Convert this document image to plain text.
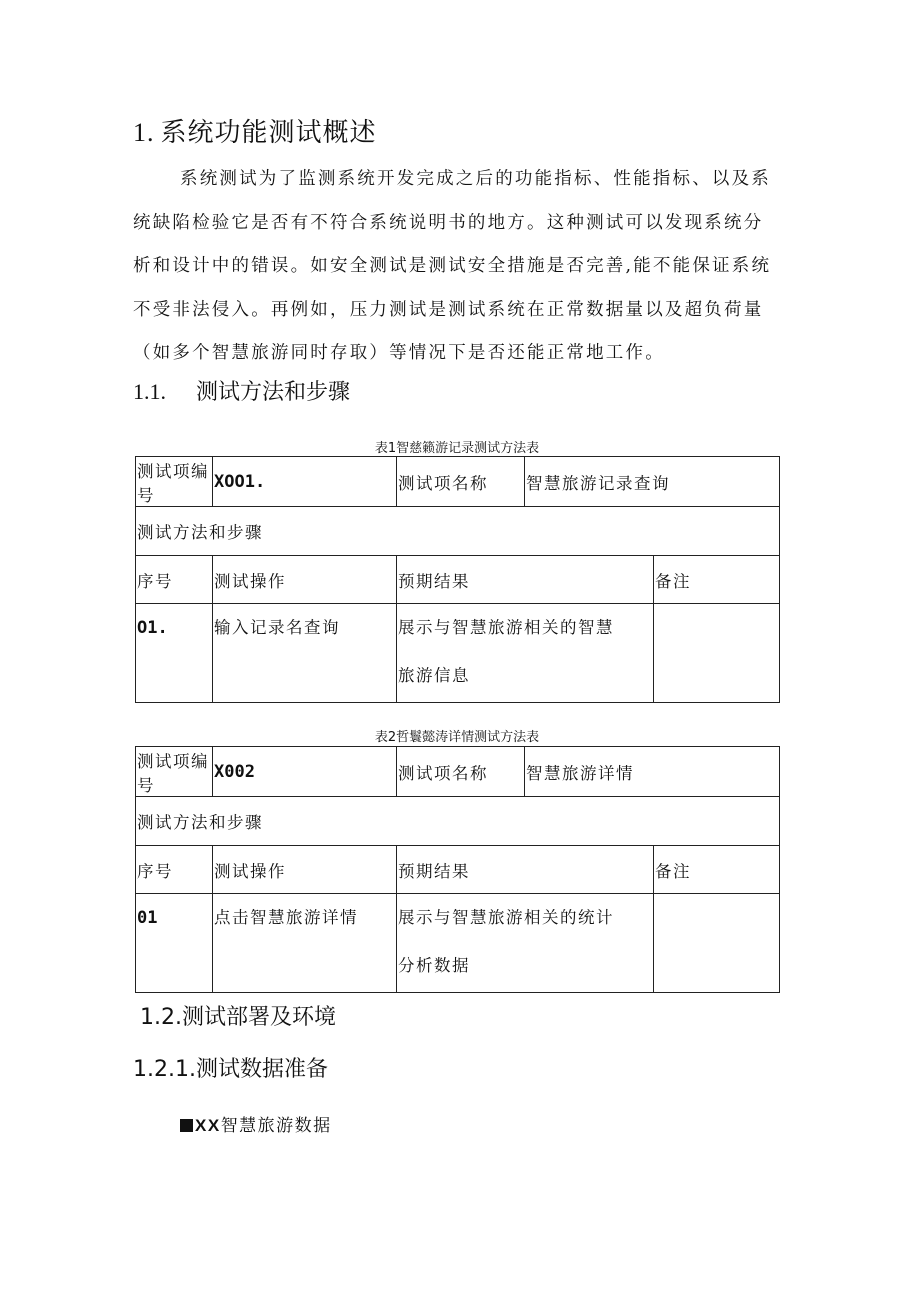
1. 系统功能测试概述

系统测试为了监测系统开发完成之后的功能指标、性能指标、以及系统缺陷检验它是否有不符合系统说明书的地方。这种测试可以发现系统分析和设计中的错误。如安全测试是测试安全措施是否完善,能不能保证系统不受非法侵入。再例如，压力测试是测试系统在正常数据量以及超负荷量（如多个智慧旅游同时存取）等情况下是否还能正常地工作。

1.1. 测试方法和步骤
表1智慈籁游记录测试方法表
测试项编号	XOO1.	测试项名称	智慧旅游记录查询	
测试方法和步骤				
序号	测试操作	预期结果		备注
O1.	输入记录名查询	展示与智慧旅游相关的智慧旅游信息		
表2哲鬟懿涛详情测试方法表
测试项编号	X002	测试项名称	智慧旅游详情	
测试方法和步骤				
序号	测试操作	预期结果		备注
01	点击智慧旅游详情	展示与智慧旅游相关的统计分析数据		
1.2.测试部署及环境
1.2.1.测试数据准备
XX智慧旅游数据
